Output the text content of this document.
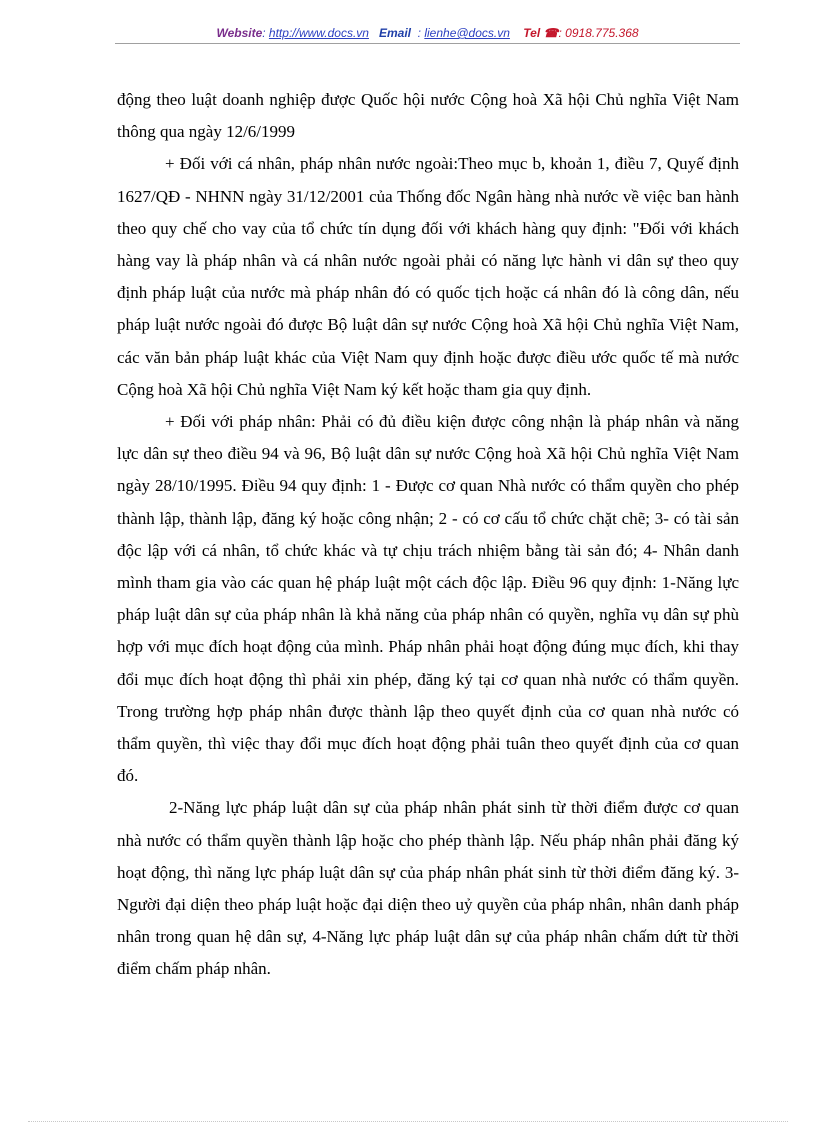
Website: http://www.docs.vn Email : lienhe@docs.vn Tel ☎: 0918.775.368

động theo luật doanh nghiệp được Quốc hội nước Cộng hoà Xã hội Chủ nghĩa Việt Nam thông qua ngày 12/6/1999

+ Đối với cá nhân, pháp nhân nước ngoài:Theo mục b, khoản 1, điều 7, Quyế định 1627/QĐ - NHNN ngày 31/12/2001 của Thống đốc Ngân hàng nhà nước về việc ban hành theo quy chế cho vay của tổ chức tín dụng đối với khách hàng quy định: "Đối với khách hàng vay là pháp nhân và cá nhân nước ngoài phải có năng lực hành vi dân sự theo quy định pháp luật của nước mà pháp nhân đó có quốc tịch hoặc cá nhân đó là công dân, nếu pháp luật nước ngoài đó được Bộ luật dân sự nước Cộng hoà Xã hội Chủ nghĩa Việt Nam, các văn bản pháp luật khác của Việt Nam quy định hoặc được điều ước quốc tế mà nước Cộng hoà Xã hội Chủ nghĩa Việt Nam ký kết hoặc tham gia quy định.

+ Đối với pháp nhân: Phải có đủ điều kiện được công nhận là pháp nhân và năng lực dân sự theo điều 94 và 96, Bộ luật dân sự nước Cộng hoà Xã hội Chủ nghĩa Việt Nam ngày 28/10/1995. Điều 94 quy định: 1 - Được cơ quan Nhà nước có thẩm quyền cho phép thành lập, thành lập, đăng ký hoặc công nhận; 2 - có cơ cấu tổ chức chặt chẽ; 3- có tài sản độc lập với cá nhân, tổ chức khác và tự chịu trách nhiệm bằng tài sản đó; 4- Nhân danh mình tham gia vào các quan hệ pháp luật một cách độc lập. Điều 96 quy định: 1-Năng lực pháp luật dân sự của pháp nhân là khả năng của pháp nhân có quyền, nghĩa vụ dân sự phù hợp với mục đích hoạt động của mình. Pháp nhân phải hoạt động đúng mục đích, khi thay đổi mục đích hoạt động thì phải xin phép, đăng ký tại cơ quan nhà nước có thẩm quyền. Trong trường hợp pháp nhân được thành lập theo quyết định của cơ quan nhà nước có thẩm quyền, thì việc thay đổi mục đích hoạt động phải tuân theo quyết định của cơ quan đó.

2-Năng lực pháp luật dân sự của pháp nhân phát sinh từ thời điểm được cơ quan nhà nước có thẩm quyền thành lập hoặc cho phép thành lập. Nếu pháp nhân phải đăng ký hoạt động, thì năng lực pháp luật dân sự của pháp nhân phát sinh từ thời điểm đăng ký. 3- Người đại diện theo pháp luật hoặc đại diện theo uỷ quyền của pháp nhân, nhân danh pháp nhân trong quan hệ dân sự, 4-Năng lực pháp luật dân sự của pháp nhân chấm dứt từ thời điểm chấm pháp nhân.
